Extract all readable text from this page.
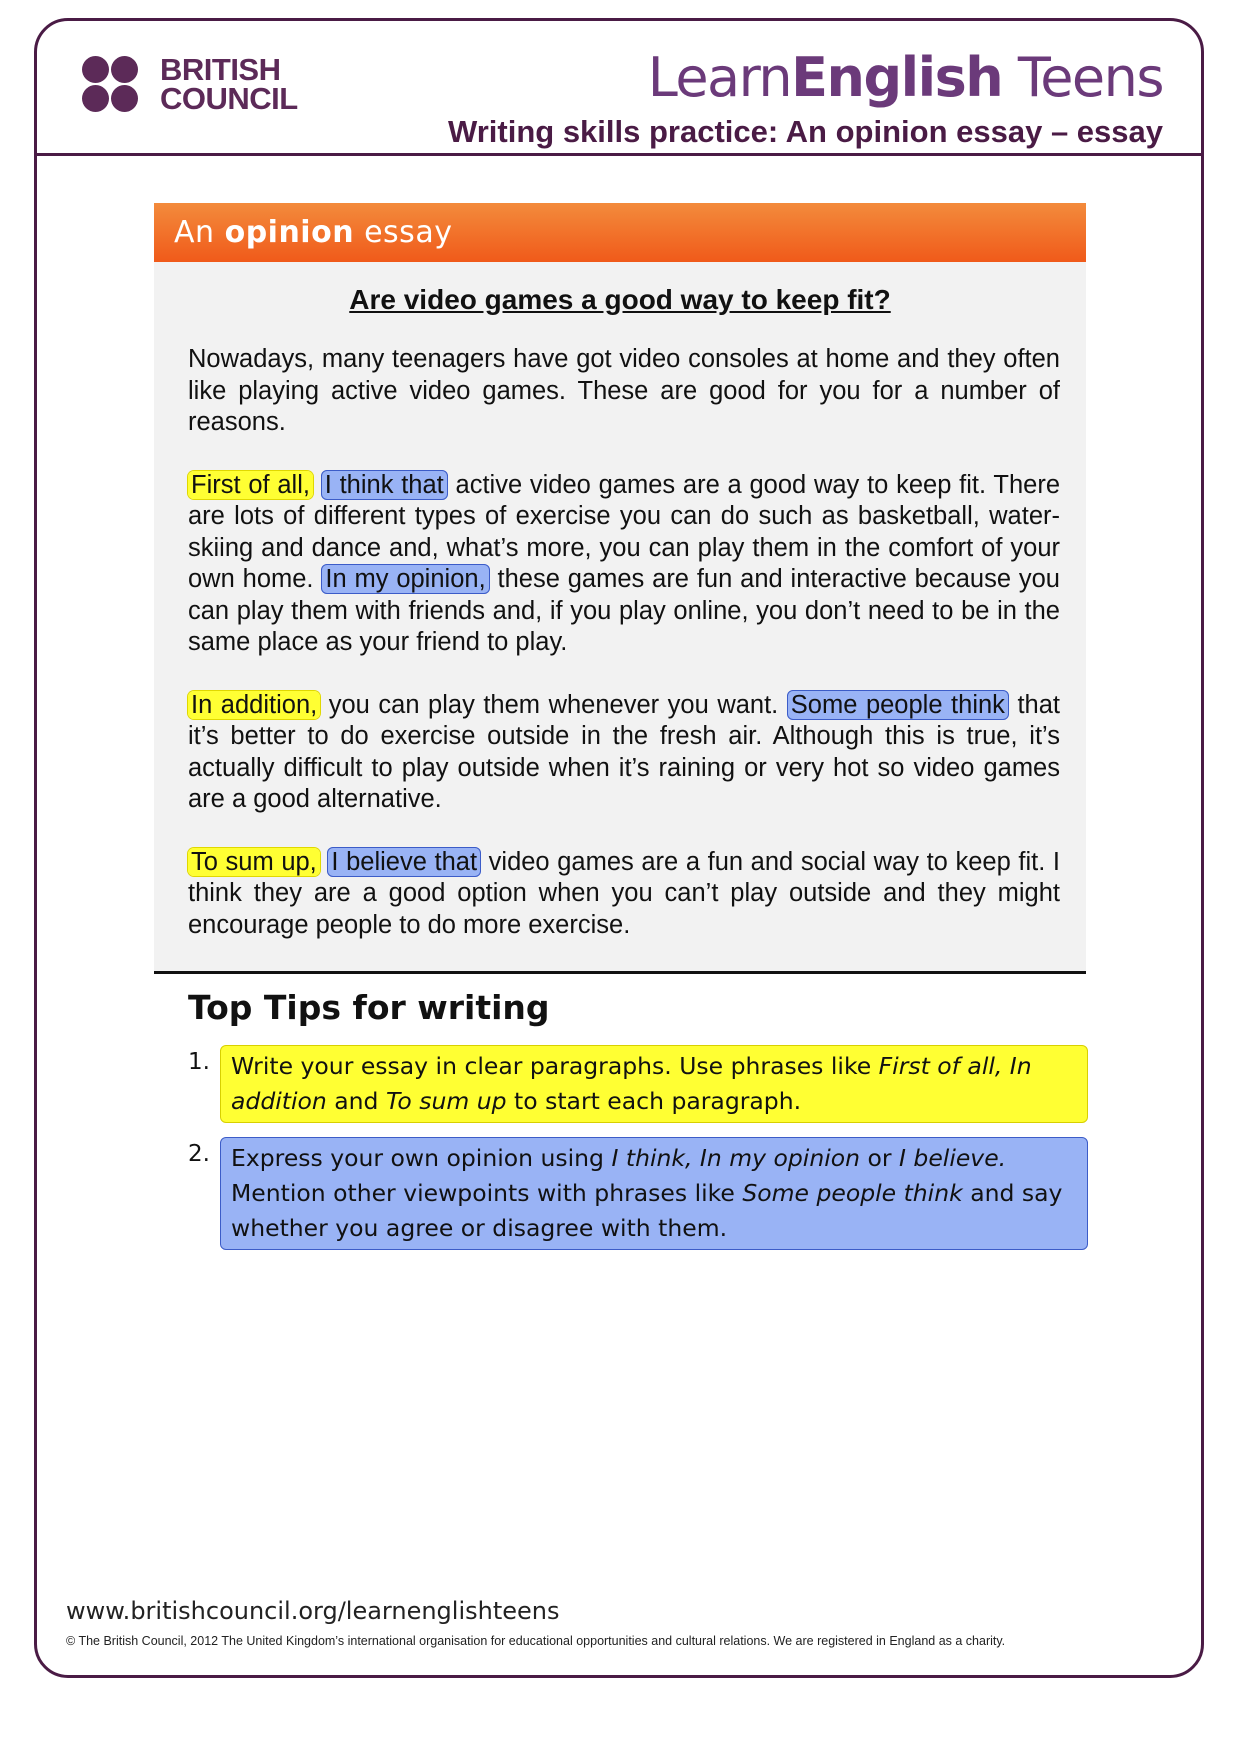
BRITISH
COUNCIL	LearnEnglish Teens
Writing skills practice: An opinion essay – essay
An opinion essay
Are video games a good way to keep fit?

Nowadays, many teenagers have got video consoles at home and they often like playing active video games. These are good for you for a number of reasons.

First of all, I think that active video games are a good way to keep fit. There are lots of different types of exercise you can do such as basketball, water-skiing and dance and, what’s more, you can play them in the comfort of your own home. In my opinion, these games are fun and interactive because you can play them with friends and, if you play online, you don’t need to be in the same place as your friend to play.

In addition, you can play them whenever you want. Some people think that it’s better to do exercise outside in the fresh air. Although this is true, it’s actually difficult to play outside when it’s raining or very hot so video games are a good alternative.

To sum up, I believe that video games are a fun and social way to keep fit. I think they are a good option when you can’t play outside and they might encourage people to do more exercise.

Top Tips for writing
1. Write your essay in clear paragraphs. Use phrases like First of all, In addition and To sum up to start each paragraph.
2. Express your own opinion using I think, In my opinion or I believe. Mention other viewpoints with phrases like Some people think and say whether you agree or disagree with them.
www.britishcouncil.org/learnenglishteens
© The British Council, 2012 The United Kingdom’s international organisation for educational opportunities and cultural relations. We are registered in England as a charity.
